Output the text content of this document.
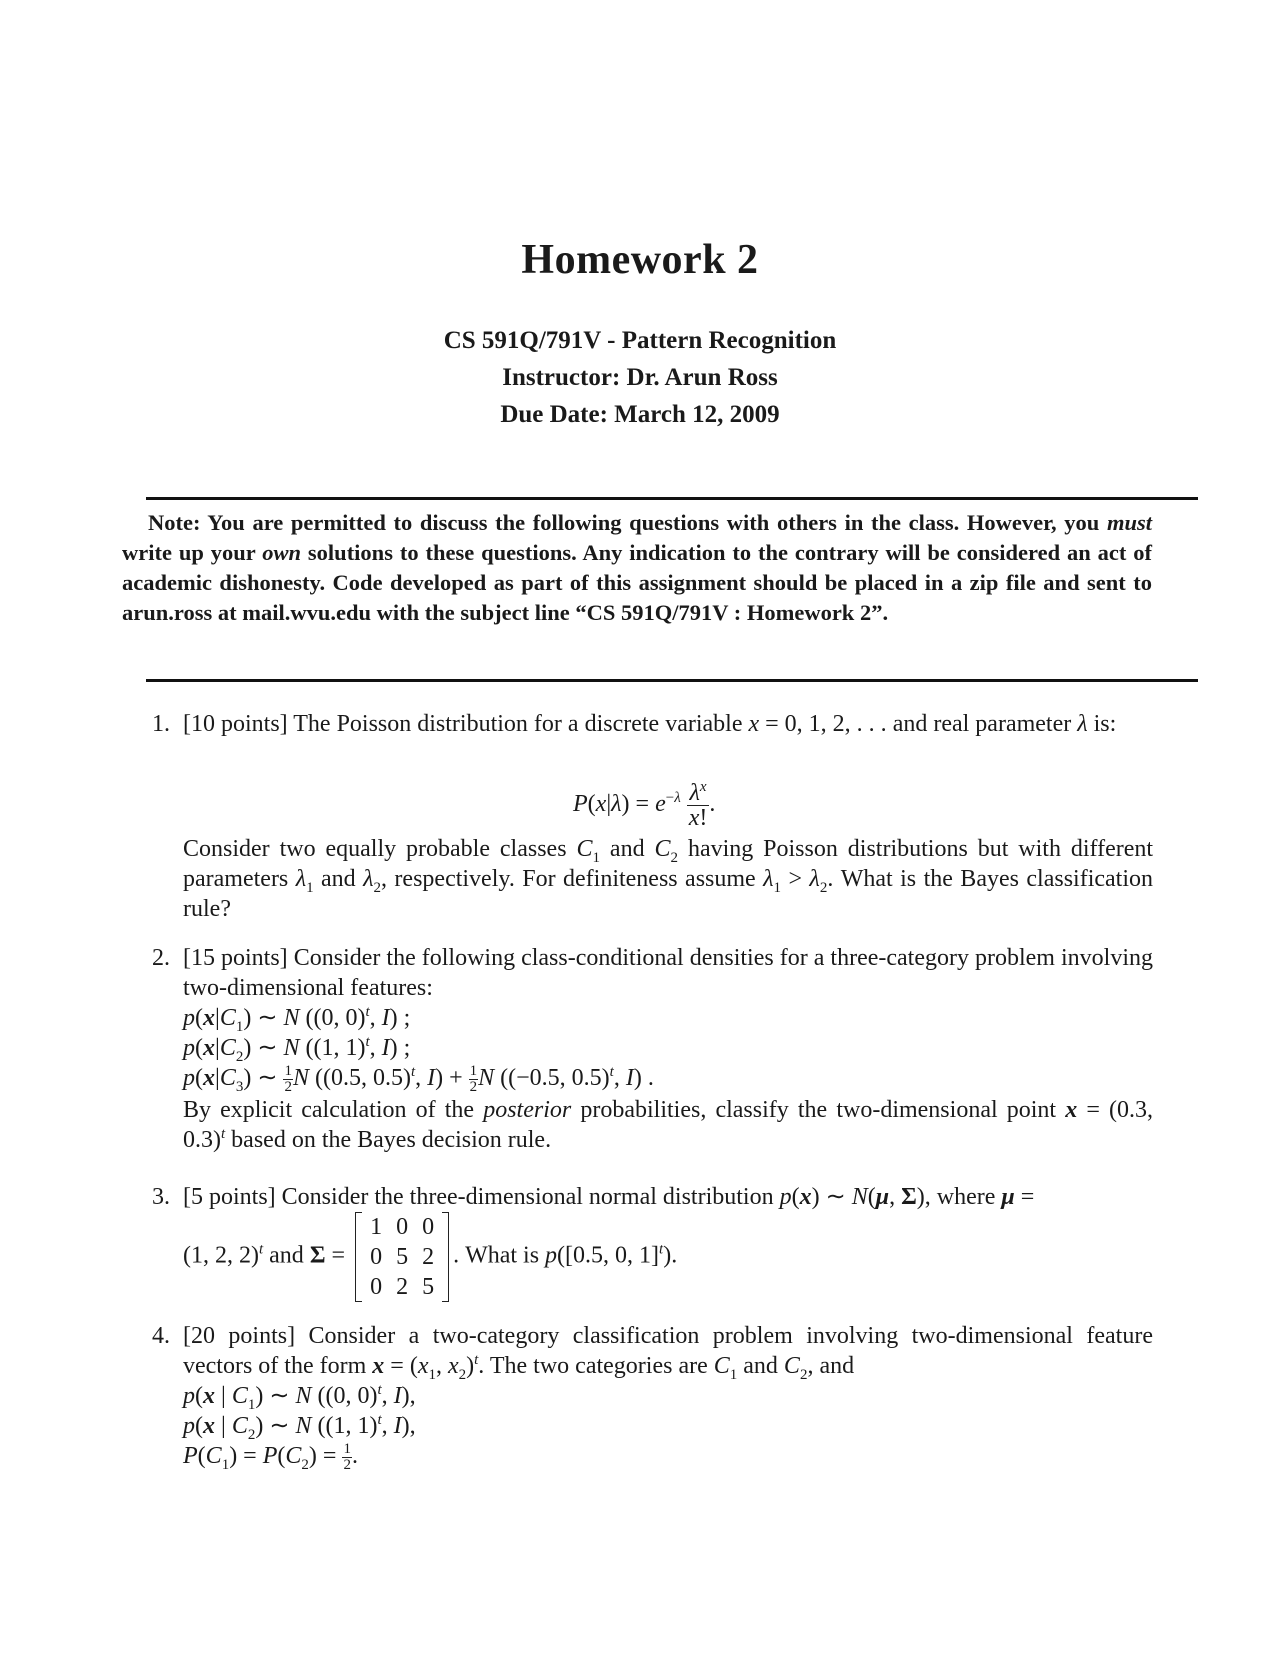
Homework 2
CS 591Q/791V - Pattern Recognition
Instructor: Dr. Arun Ross
Due Date: March 12, 2009
Note: You are permitted to discuss the following questions with others in the class. However, you must write up your own solutions to these questions. Any indication to the contrary will be considered an act of academic dishonesty. Code developed as part of this assignment should be placed in a zip file and sent to arun.ross at mail.wvu.edu with the subject line “CS 591Q/791V : Homework 2”.
1. [10 points] The Poisson distribution for a discrete variable x = 0, 1, 2, . . . and real parameter λ is:
$P(x|\lambda) = e^{-\lambda} \frac{\lambda^x}{x!}$ .
Consider two equally probable classes $C_1$ and $C_2$ having Poisson distributions but with different parameters $\lambda_1$ and $\lambda_2$, respectively. For definiteness assume $\lambda_1 > \lambda_2$. What is the Bayes classification rule?
2. [15 points] Consider the following class-conditional densities for a three-category problem involving two-dimensional features:
$p(x|C_1)$ ∼ N ((0, 0)$^t$, I) ;
$p(x|C_2)$ ∼ N ((1, 1)$^t$, I) ;
$p(x|C_3)$ ∼ $\frac{1}{2}$ N ((0.5, 0.5)$^t$, $I) + \frac{1}{2}$ N ((−0.5, 0.5)$^t$, I) .
By explicit calculation of the posterior probabilities, classify the two-dimensional point x = (0.3, 0.3)$^t$ based on the Bayes decision rule.
3. [5 points] Consider the three-dimensional normal distribution p(x) ∼ N(μ, Σ), where μ =
(1, 2, 2)$^t$ and Σ =
1	0	0
0	5	2
0	2	5
. What is p([0.5, 0, 1]$^t$).
4. [20 points] Consider a two-category classification problem involving two-dimensional feature vectors of the form $x = (x_1$, $x_2)^t$. The two categories are $C_1$ and $C_2$, and
p(x | $C_1$) ∼ N ((0, 0)$^t$, I),
p(x | $C_2$) ∼ N ((1, 1)$^t$, I),
$P(C_1) = P(C_2) = \frac{1}{2}$ .
